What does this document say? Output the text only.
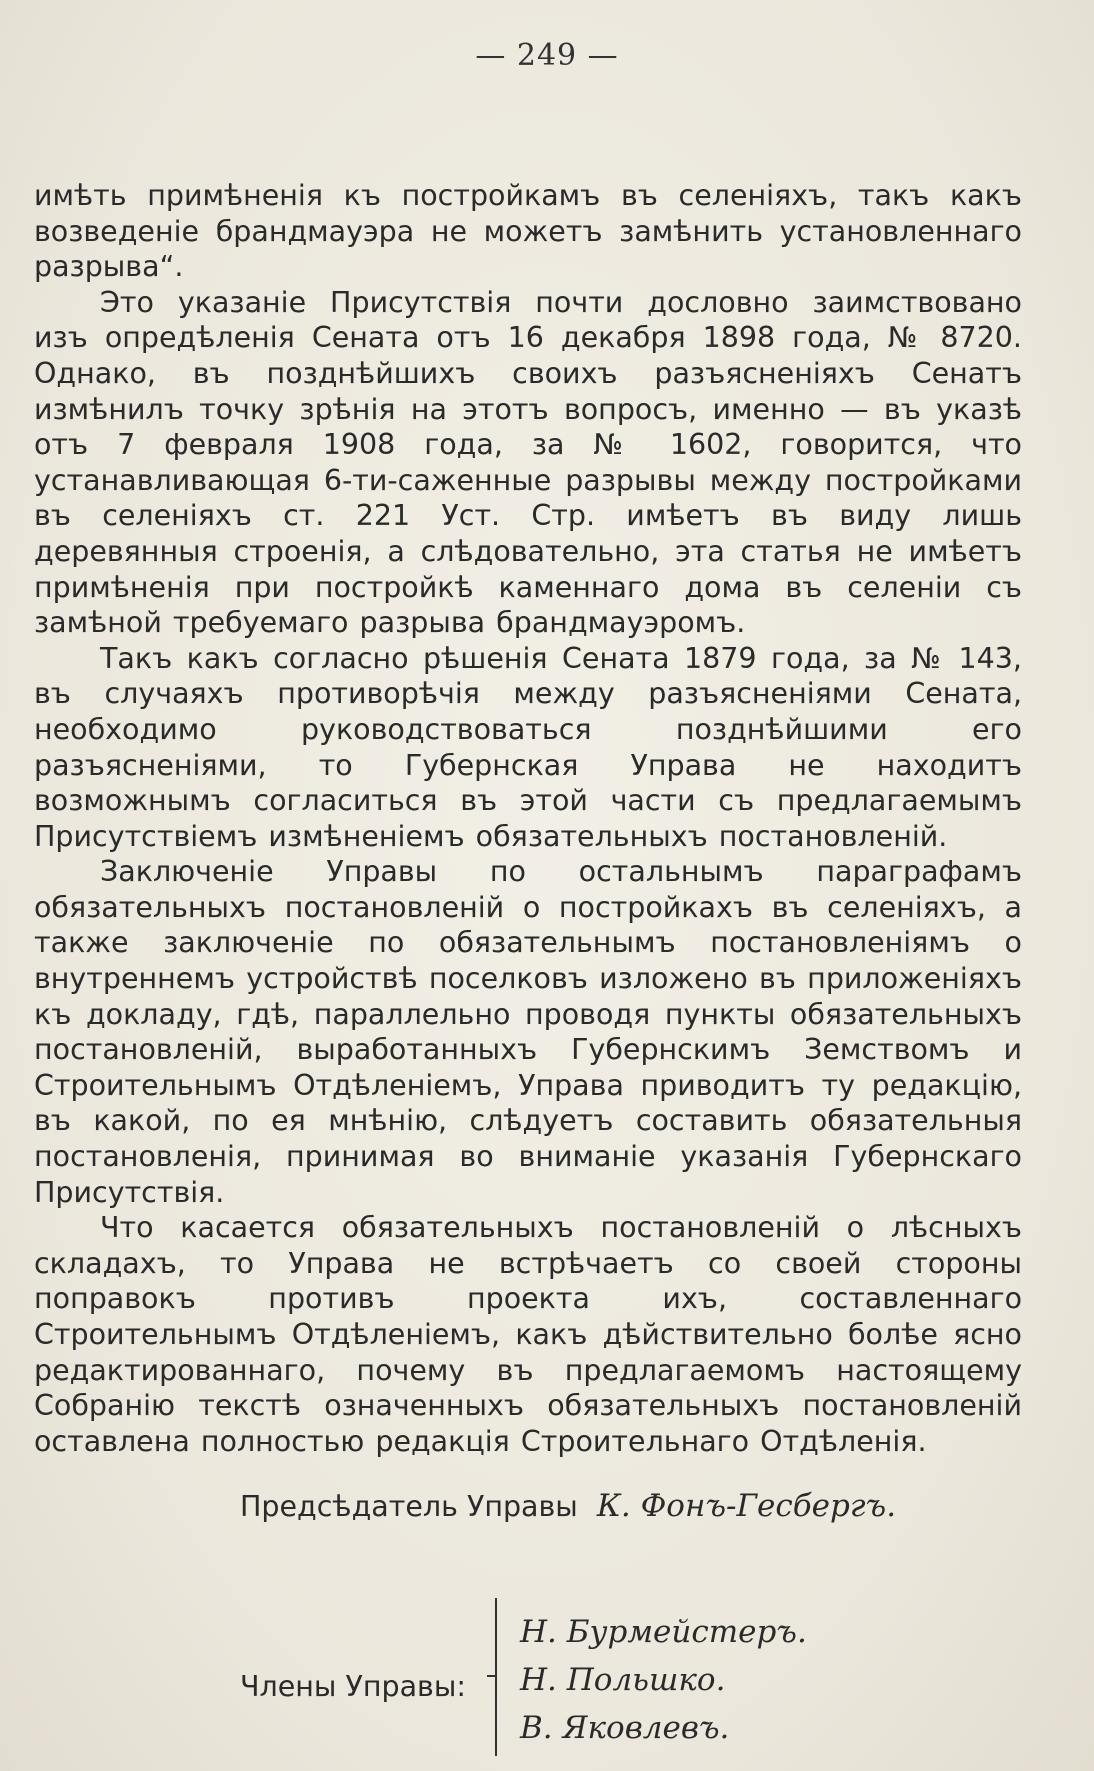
— 249 —

имѣть примѣненія къ постройкамъ въ селеніяхъ, такъ какъ возведеніе брандмауэра не можетъ замѣнить установленнаго разрыва“.

Это указаніе Присутствія почти дословно заимствовано изъ опредѣленія Сената отъ 16 декабря 1898 года, № 8720. Однако, въ позднѣйшихъ своихъ разъясненіяхъ Сенатъ измѣнилъ точку зрѣнія на этотъ вопросъ, именно — въ указѣ отъ 7 февраля 1908 года, за № 1602, говорится, что устанавливающая 6-ти-саженные разрывы между постройками въ селеніяхъ ст. 221 Уст. Стр. имѣетъ въ виду лишь деревянныя строенія, а слѣдовательно, эта статья не имѣетъ примѣненія при постройкѣ каменнаго дома въ селеніи съ замѣной требуемаго разрыва брандмауэромъ.

Такъ какъ согласно рѣшенія Сената 1879 года, за № 143, въ случаяхъ противорѣчія между разъясненіями Сената, необходимо руководствоваться позднѣйшими его разъясненіями, то Губернская Управа не находитъ возможнымъ согласиться въ этой части съ предлагаемымъ Присутствіемъ измѣненіемъ обязательныхъ постановленій.

Заключеніе Управы по остальнымъ параграфамъ обязательныхъ постановленій о постройкахъ въ селеніяхъ, а также заключеніе по обязательнымъ постановленіямъ о внутреннемъ устройствѣ поселковъ изложено въ приложеніяхъ къ докладу, гдѣ, параллельно проводя пункты обязательныхъ постановленій, выработанныхъ Губернскимъ Земствомъ и Строительнымъ Отдѣленіемъ, Управа приводитъ ту редакцію, въ какой, по ея мнѣнію, слѣдуетъ составить обязательныя постановленія, принимая во вниманіе указанія Губернскаго Присутствія.

Что касается обязательныхъ постановленій о лѣсныхъ складахъ, то Управа не встрѣчаетъ со своей стороны поправокъ противъ проекта ихъ, составленнаго Строительнымъ Отдѣленіемъ, какъ дѣйствительно болѣе ясно редактированнаго, почему въ предлагаемомъ настоящему Собранію текстѣ означенныхъ обязательныхъ постановленій оставлена полностью редакція Строительнаго Отдѣленія.

Предсѣдатель Управы К. Фонъ-Гесбергъ.
Члены Управы:
Н. Бурмейстеръ.
Н. Польшко.
В. Яковлевъ.
